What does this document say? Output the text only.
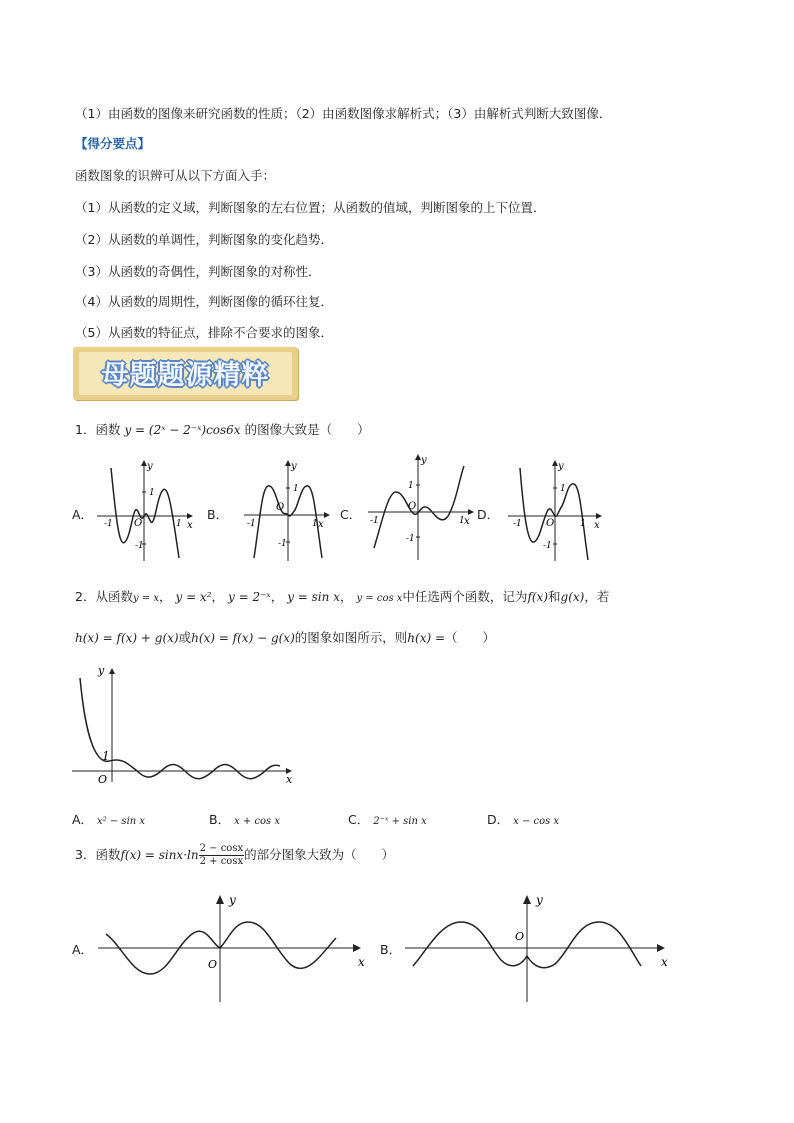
（1）由函数的图像来研究函数的性质；（2）由函数图像求解析式；（3）由解析式判断大致图像．
【得分要点】
函数图象的识辨可从以下方面入手：
（1）从函数的定义域，判断图象的左右位置；从函数的值域，判断图象的上下位置．
（2）从函数的单调性，判断图象的变化趋势．
（3）从函数的奇偶性，判断图象的对称性．
（4）从函数的周期性，判断图像的循环往复．
（5）从函数的特征点，排除不合要求的图象．
母题题源精粹
1．函数 y = (2ˣ − 2⁻ˣ)cos6x 的图像大致是（　　）
A．	B．	C．	D．
y
x
O
1
-1
-1	1
y
x
O
1
-1
-1	1
y
x
O
1
-1
-1	1
y
x
O
1
-1
-1	1
2．从函数y = x， y = x²， y = 2⁻ˣ， y = sin x， y = cos x中任选两个函数，记为f(x)和g(x)，若
h(x) = f(x) + g(x)或h(x) = f(x) − g(x)的图象如图所示，则h(x) =（　　）
y
x
O
1
A． x² − sin x	B． x + cos x	C． 2⁻ˣ + sin x	D． x − cos x
3．函数$f(x) = \sin x\cdot\ln \frac{2 - \cos x}{2 + \cos x}$ 的部分图象大致为（　　）
A．	B．
y
x
O
y
x
O
